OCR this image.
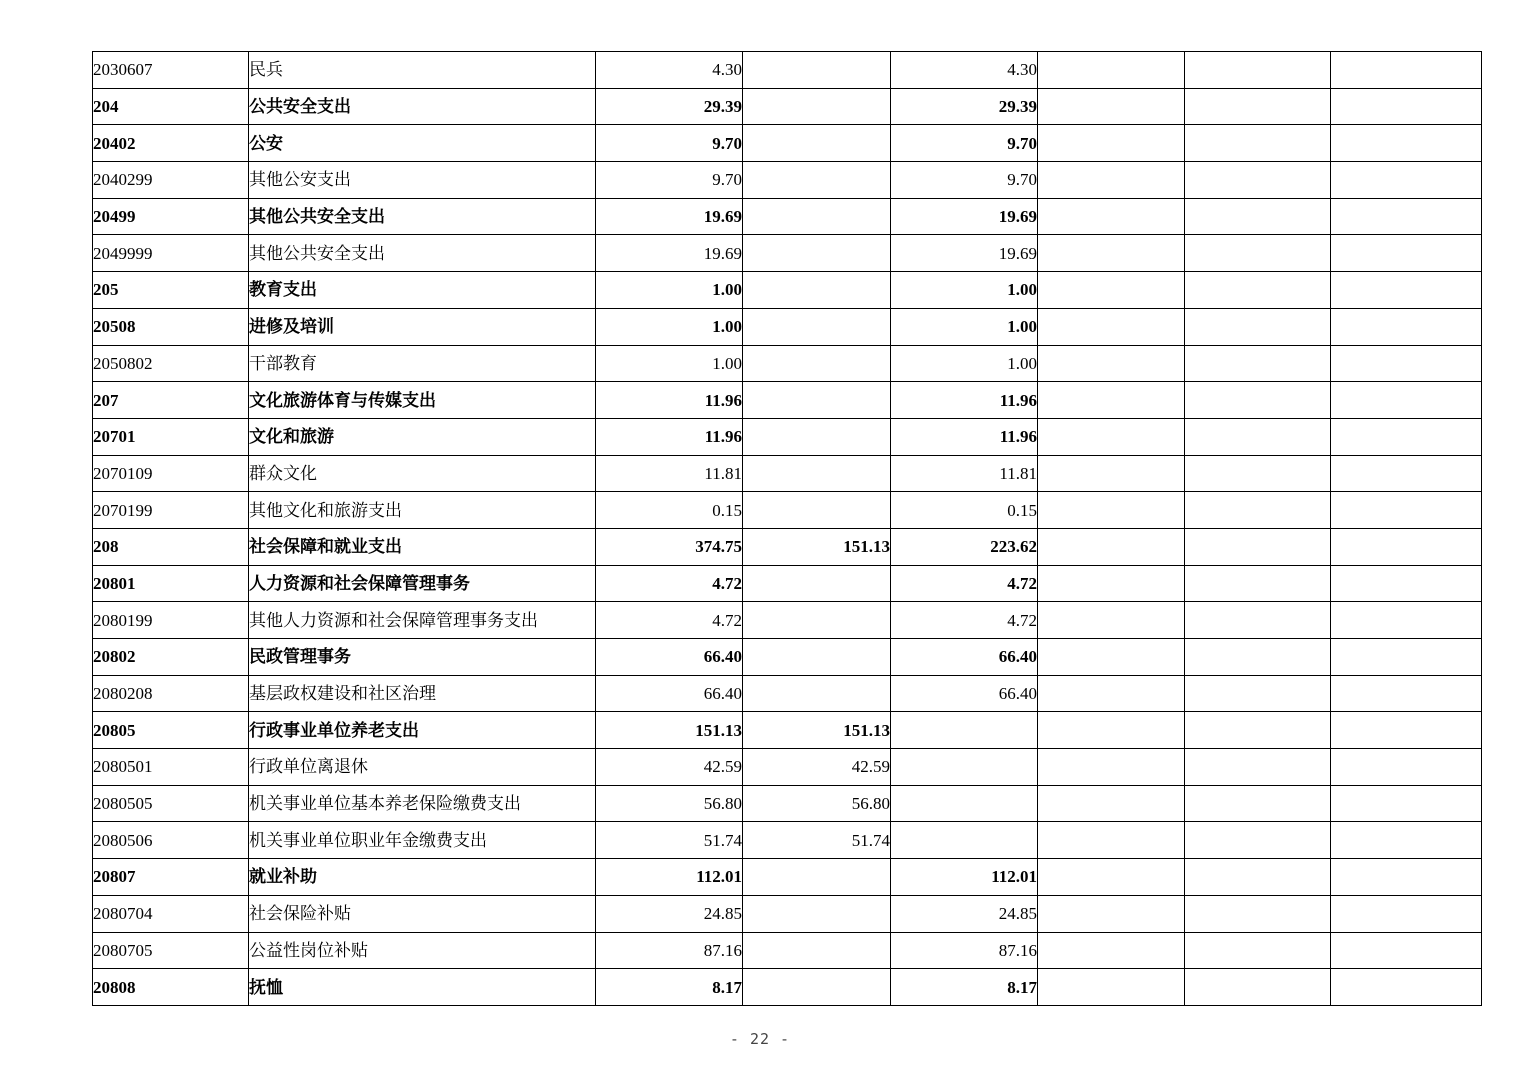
2030607	民兵	4.30		4.30			
204	公共安全支出	29.39		29.39			
20402	公安	9.70		9.70			
2040299	其他公安支出	9.70		9.70			
20499	其他公共安全支出	19.69		19.69			
2049999	其他公共安全支出	19.69		19.69			
205	教育支出	1.00		1.00			
20508	进修及培训	1.00		1.00			
2050802	干部教育	1.00		1.00			
207	文化旅游体育与传媒支出	11.96		11.96			
20701	文化和旅游	11.96		11.96			
2070109	群众文化	11.81		11.81			
2070199	其他文化和旅游支出	0.15		0.15			
208	社会保障和就业支出	374.75	151.13	223.62			
20801	人力资源和社会保障管理事务	4.72		4.72			
2080199	其他人力资源和社会保障管理事务支出	4.72		4.72			
20802	民政管理事务	66.40		66.40			
2080208	基层政权建设和社区治理	66.40		66.40			
20805	行政事业单位养老支出	151.13	151.13				
2080501	行政单位离退休	42.59	42.59				
2080505	机关事业单位基本养老保险缴费支出	56.80	56.80				
2080506	机关事业单位职业年金缴费支出	51.74	51.74				
20807	就业补助	112.01		112.01			
2080704	社会保险补贴	24.85		24.85			
2080705	公益性岗位补贴	87.16		87.16			
20808	抚恤	8.17		8.17			
- 22 -
